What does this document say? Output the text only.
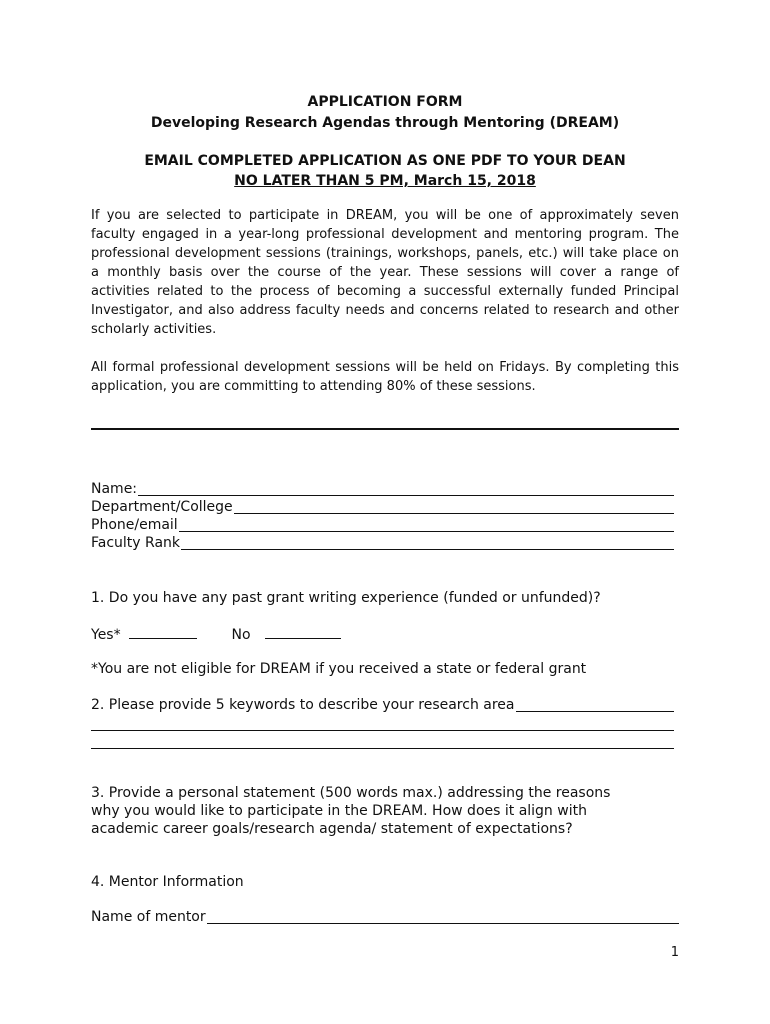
APPLICATION FORM
Developing Research Agendas through Mentoring (DREAM)
EMAIL COMPLETED APPLICATION AS ONE PDF TO YOUR DEAN
NO LATER THAN 5 PM, March 15, 2018
If you are selected to participate in DREAM, you will be one of approximately seven faculty engaged in a year-long professional development and mentoring program. The professional development sessions (trainings, workshops, panels, etc.) will take place on a monthly basis over the course of the year. These sessions will cover a range of activities related to the process of becoming a successful externally funded Principal Investigator, and also address faculty needs and concerns related to research and other scholarly activities.
All formal professional development sessions will be held on Fridays. By completing this application, you are committing to attending 80% of these sessions.
Name:
Department/College
Phone/email
Faculty Rank
1. Do you have any past grant writing experience (funded or unfunded)?
Yes*	No
*You are not eligible for DREAM if you received a state or federal grant
2. Please provide 5 keywords to describe your research area
3. Provide a personal statement (500 words max.) addressing the reasons
why you would like to participate in the DREAM. How does it align with
academic career goals/research agenda/ statement of expectations?
4. Mentor Information
Name of mentor
1
